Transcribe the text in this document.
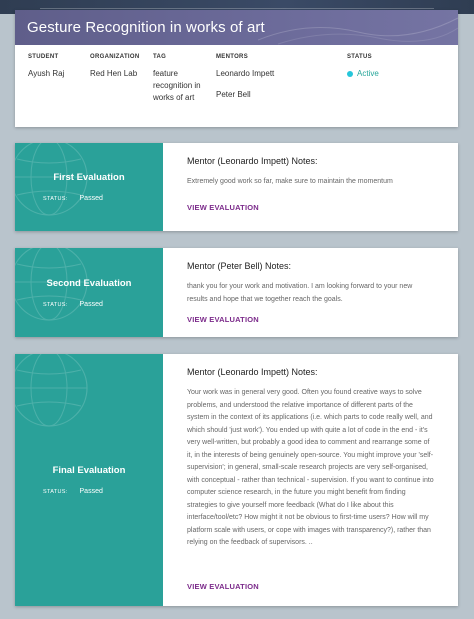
Gesture Recognition in works of art
STUDENT
Ayush Raj
ORGANIZATION
Red Hen Lab
TAG
feature recognition in works of art
MENTORS
Leonardo Impett
Peter Bell
STATUS
Active
First Evaluation
STATUS: Passed
Mentor (Leonardo Impett) Notes:
Extremely good work so far, make sure to maintain the momentum
VIEW EVALUATION
Second Evaluation
STATUS: Passed
Mentor (Peter Bell) Notes:
thank you for your work and motivation. I am looking forward to your new results and hope that we together reach the goals.
VIEW EVALUATION
Final Evaluation
STATUS: Passed
Mentor (Leonardo Impett) Notes:
Your work was in general very good. Often you found creative ways to solve problems, and understood the relative importance of different parts of the system in the context of its applications (i.e. which parts to code really well, and which should 'just work'). You ended up with quite a lot of code in the end - it's very well-written, but probably a good idea to comment and rearrange some of it, in the interests of being genuinely open-source. You might improve your 'self-supervision'; in general, small-scale research projects are very self-organised, with conceptual - rather than technical - supervision. If you want to continue into computer science research, in the future you might benefit from finding strategies to give yourself more feedback (What do I like about this interface/tool/etc? How might it not be obvious to first-time users? How will my platform scale with users, or cope with images with transparency?), rather than relying on the feedback of supervisors. ..
VIEW EVALUATION
